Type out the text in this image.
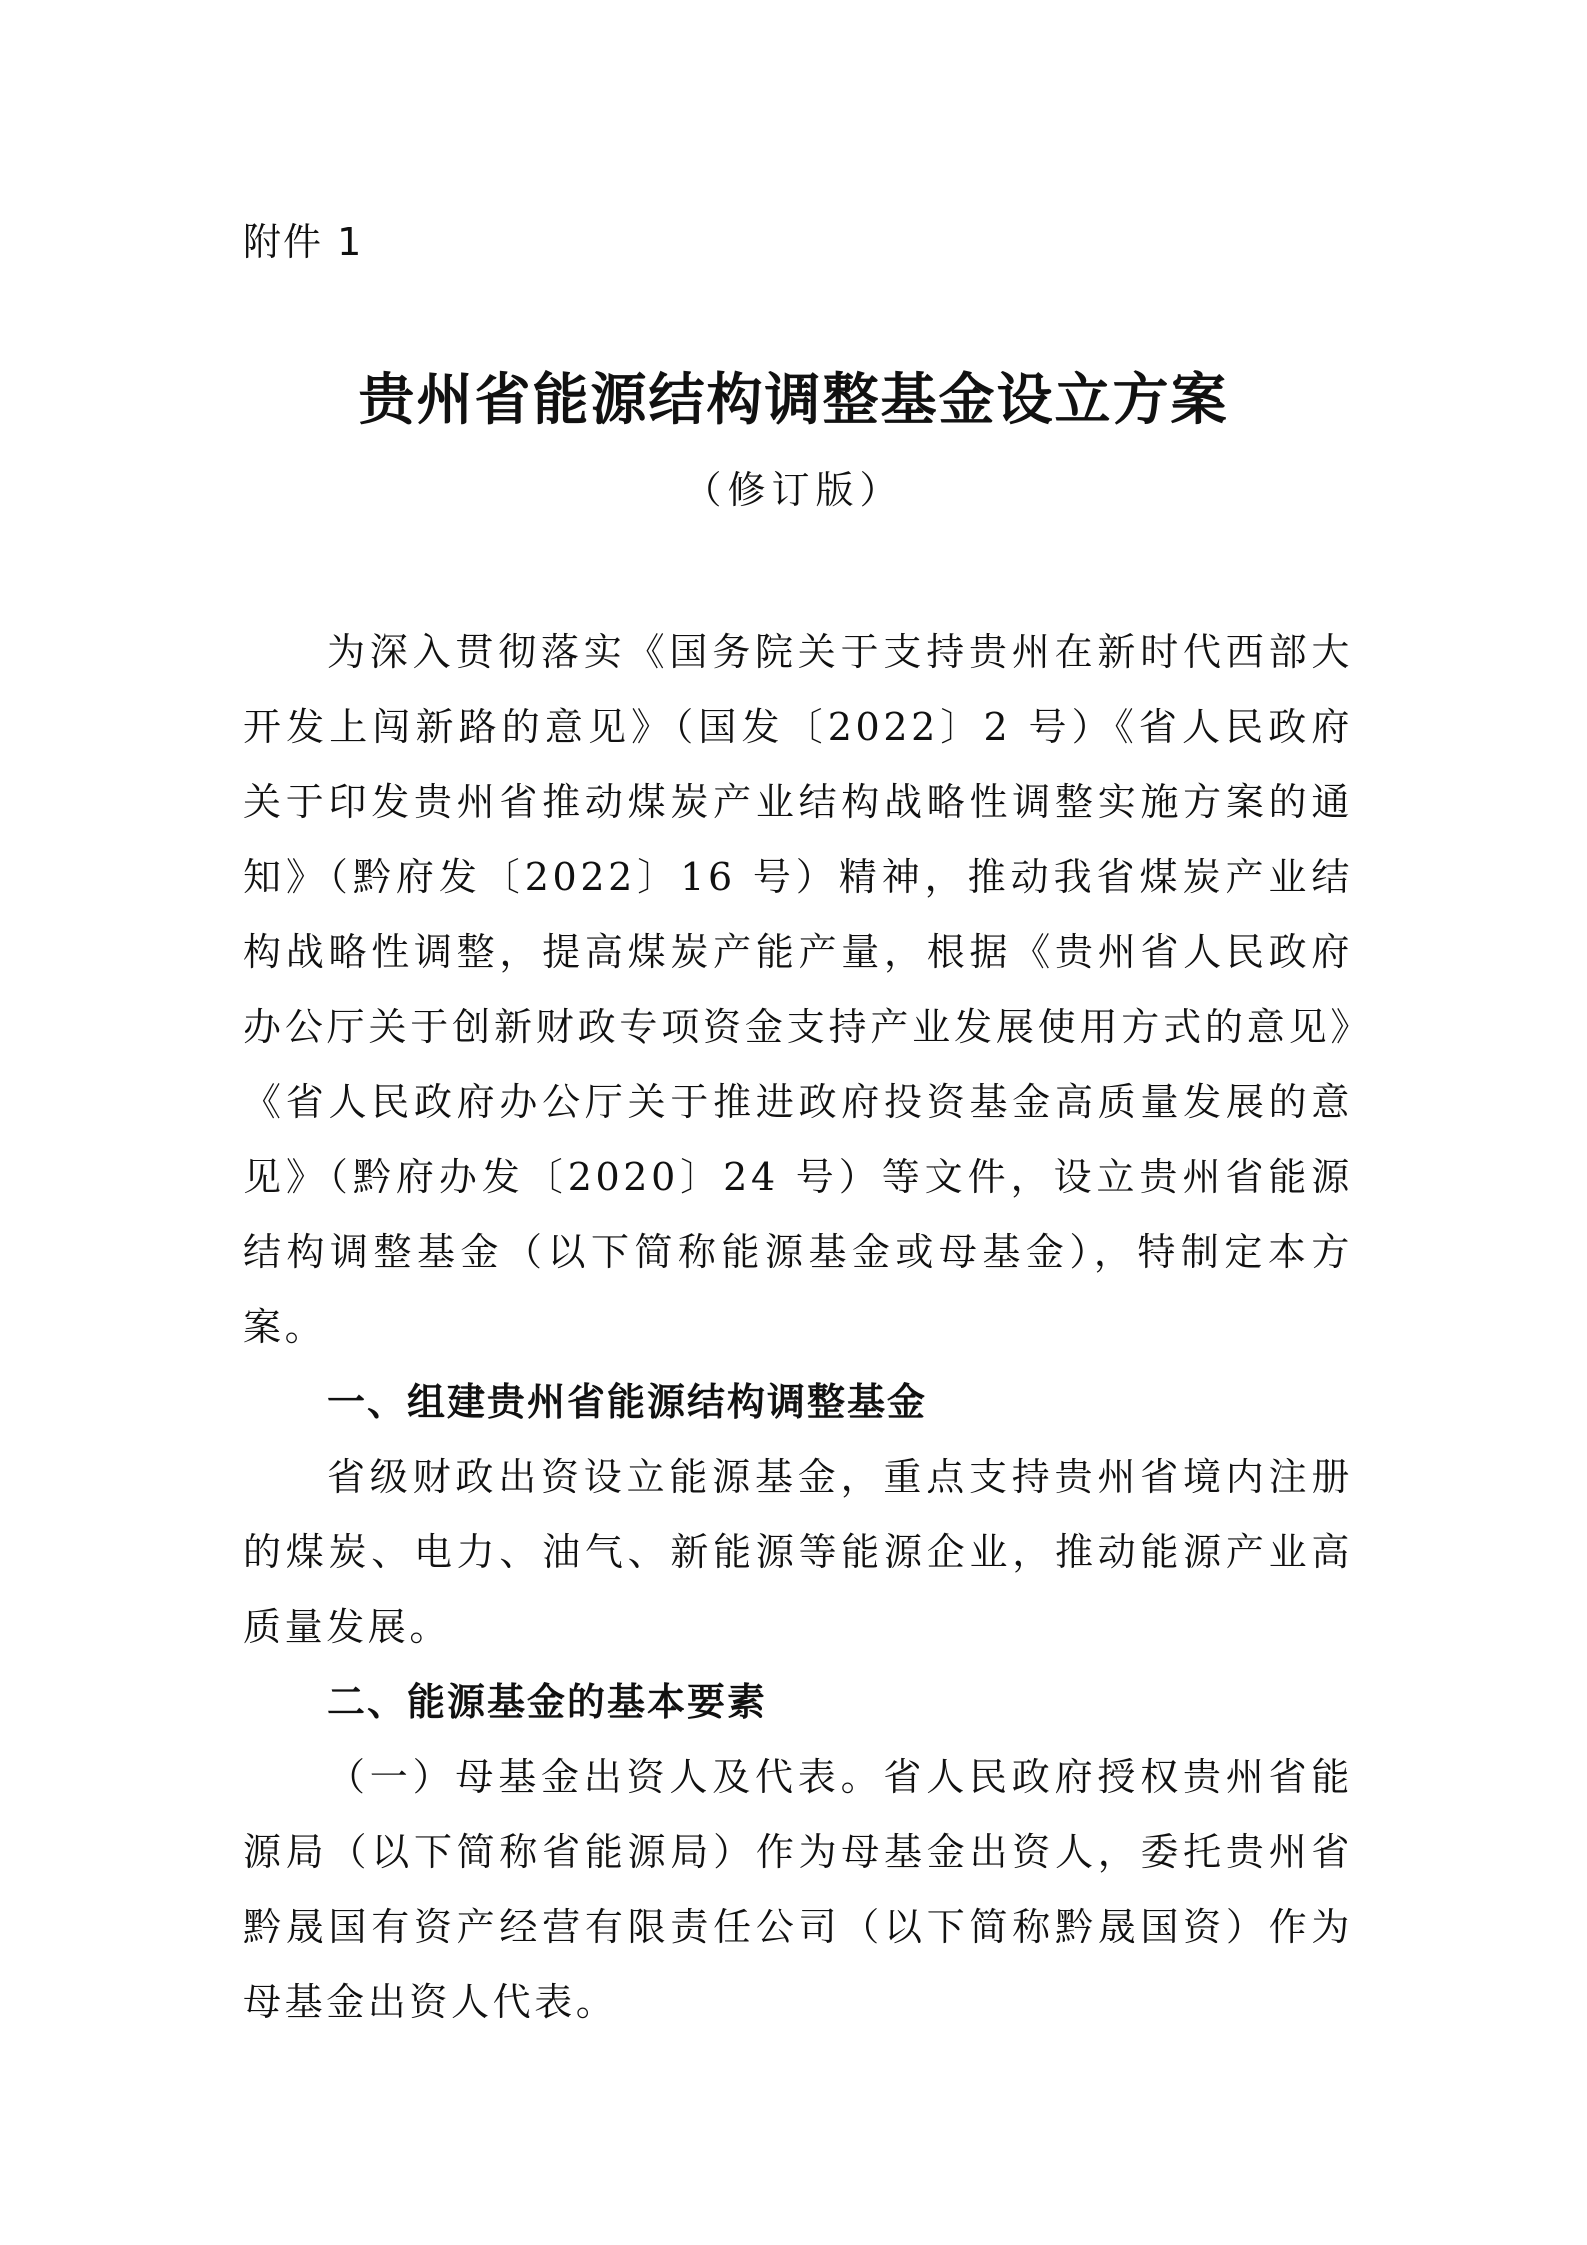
附件 1
贵州省能源结构调整基金设立方案
（修订版）

为深入贯彻落实《国务院关于支持贵州在新时代西部大开发上闯新路的意见》（国发〔2022〕2 号）《省人民政府关于印发贵州省推动煤炭产业结构战略性调整实施方案的通知》（黔府发〔2022〕16 号）精神，推动我省煤炭产业结构战略性调整，提高煤炭产能产量，根据《贵州省人民政府办公厅关于创新财政专项资金支持产业发展使用方式的意见》《省人民政府办公厅关于推进政府投资基金高质量发展的意见》（黔府办发〔2020〕24 号）等文件，设立贵州省能源结构调整基金（以下简称能源基金或母基金），特制定本方案。

一、组建贵州省能源结构调整基金

省级财政出资设立能源基金，重点支持贵州省境内注册的煤炭、电力、油气、新能源等能源企业，推动能源产业高质量发展。

二、能源基金的基本要素

（一）母基金出资人及代表。省人民政府授权贵州省能源局（以下简称省能源局）作为母基金出资人，委托贵州省黔晟国有资产经营有限责任公司（以下简称黔晟国资）作为母基金出资人代表。
